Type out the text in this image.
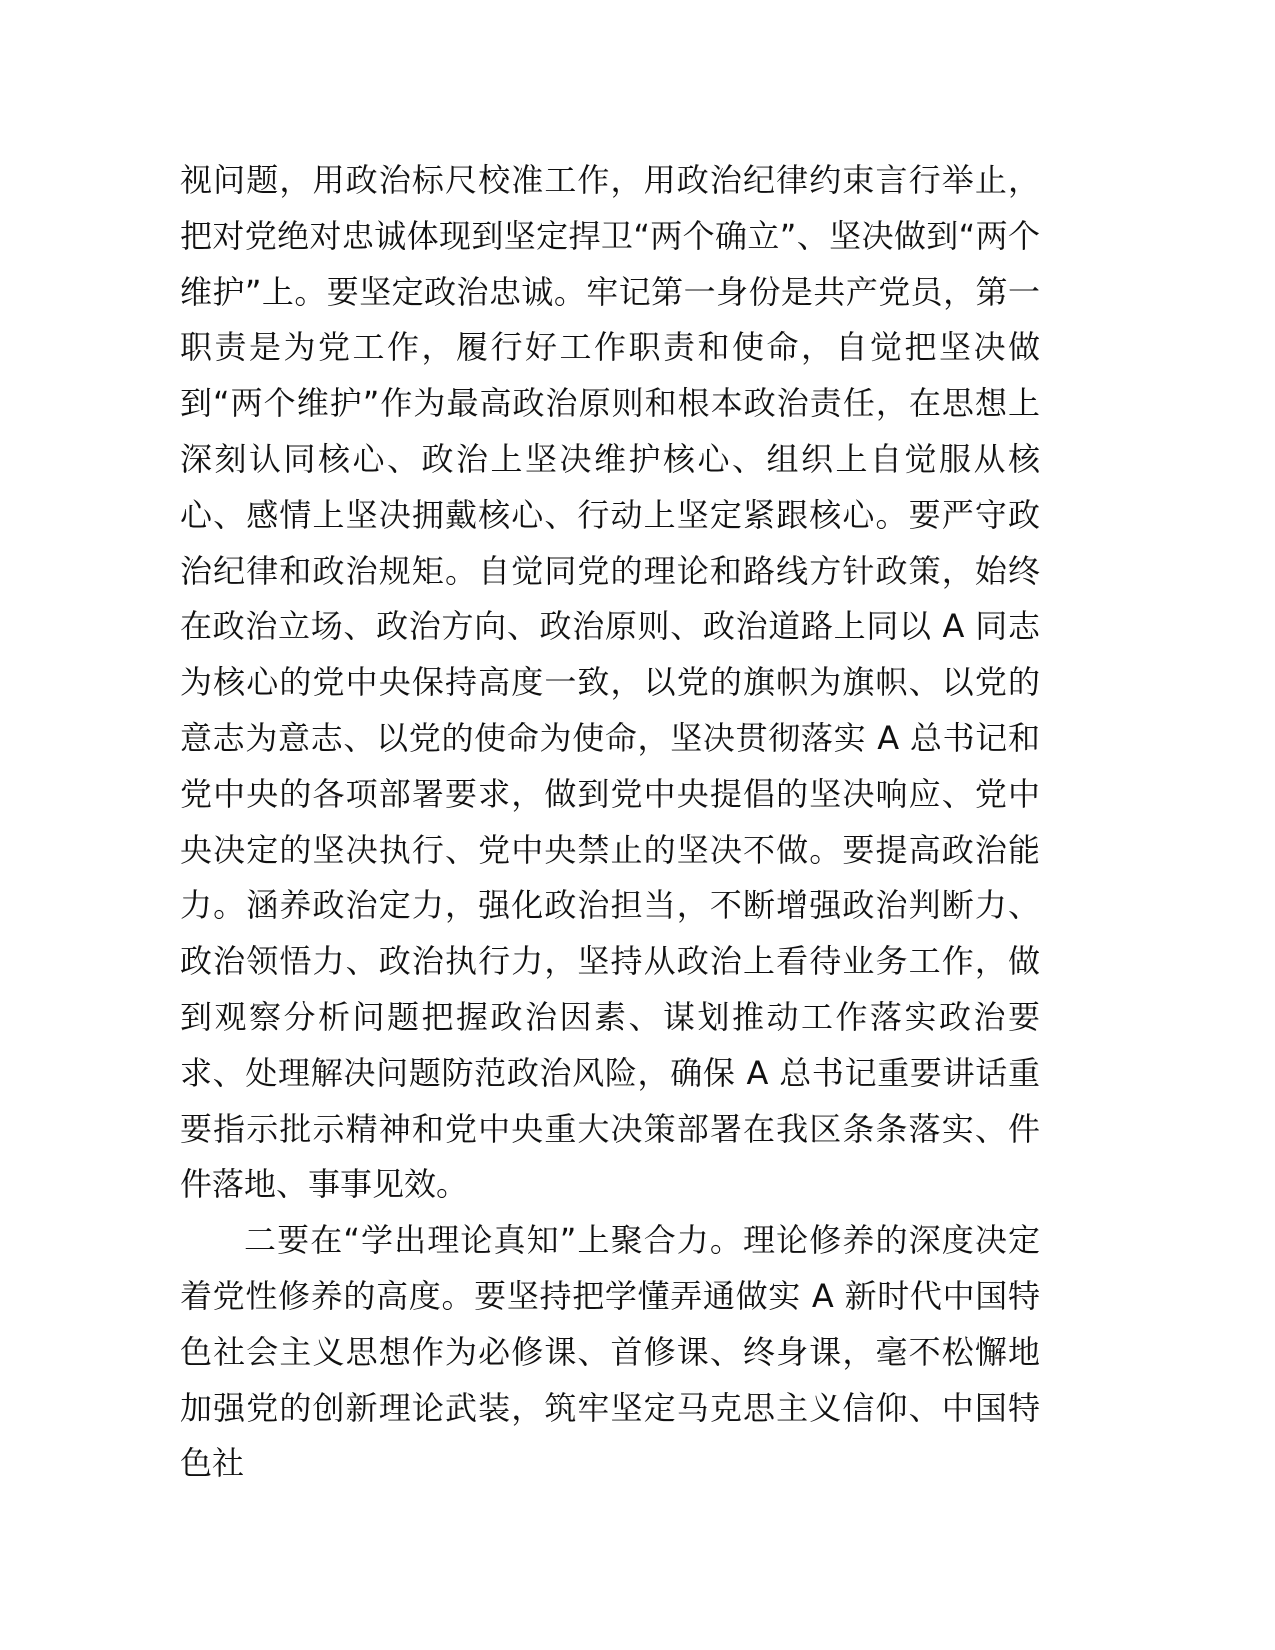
视问题，用政治标尺校准工作，用政治纪律约束言行举止，把对党绝对忠诚体现到坚定捍卫“两个确立”、坚决做到“两个维护”上。要坚定政治忠诚。牢记第一身份是共产党员，第一职责是为党工作，履行好工作职责和使命，自觉把坚决做到“两个维护”作为最高政治原则和根本政治责任，在思想上深刻认同核心、政治上坚决维护核心、组织上自觉服从核心、感情上坚决拥戴核心、行动上坚定紧跟核心。要严守政治纪律和政治规矩。自觉同党的理论和路线方针政策，始终在政治立场、政治方向、政治原则、政治道路上同以 A 同志为核心的党中央保持高度一致，以党的旗帜为旗帜、以党的意志为意志、以党的使命为使命，坚决贯彻落实 A 总书记和党中央的各项部署要求，做到党中央提倡的坚决响应、党中央决定的坚决执行、党中央禁止的坚决不做。要提高政治能力。涵养政治定力，强化政治担当，不断增强政治判断力、政治领悟力、政治执行力，坚持从政治上看待业务工作，做到观察分析问题把握政治因素、谋划推动工作落实政治要求、处理解决问题防范政治风险，确保 A 总书记重要讲话重要指示批示精神和党中央重大决策部署在我区条条落实、件件落地、事事见效。

二要在“学出理论真知”上聚合力。理论修养的深度决定着党性修养的高度。要坚持把学懂弄通做实 A 新时代中国特色社会主义思想作为必修课、首修课、终身课，毫不松懈地加强党的创新理论武装，筑牢坚定马克思主义信仰、中国特色社
